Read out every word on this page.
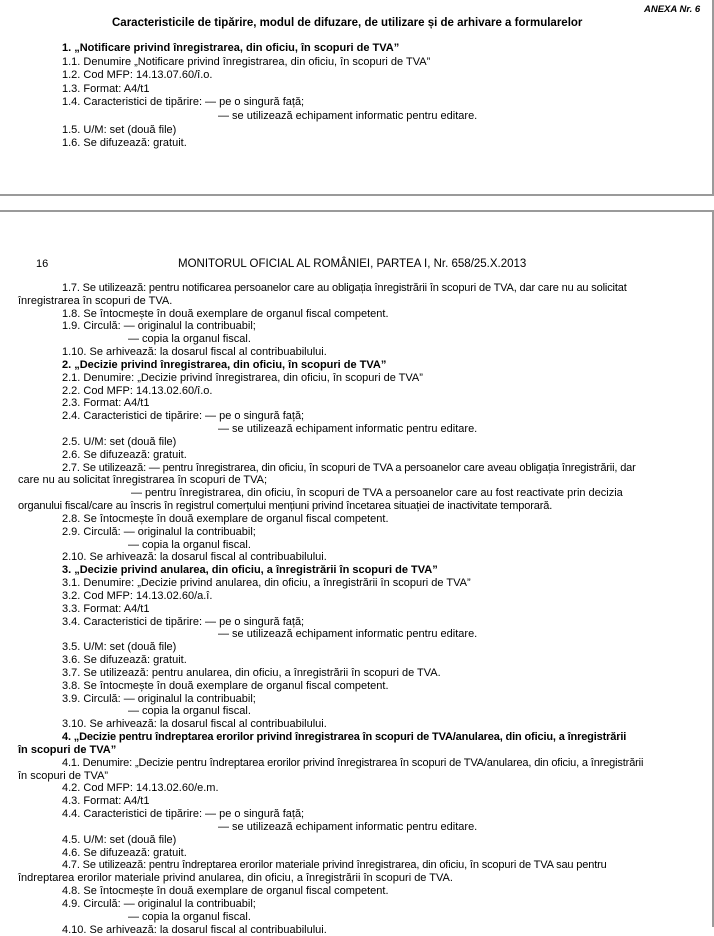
ANEXA Nr. 6
Caracteristicile de tipărire, modul de difuzare, de utilizare și de arhivare a formularelor
1. „Notificare privind înregistrarea, din oficiu, în scopuri de TVA”
1.1. Denumire „Notificare privind înregistrarea, din oficiu, în scopuri de TVA”
1.2. Cod MFP: 14.13.07.60/î.o.
1.3. Format: A4/t1
1.4. Caracteristici de tipărire: — pe o singură față;
— se utilizează echipament informatic pentru editare.
1.5. U/M: set (două file)
1.6. Se difuzează: gratuit.
16	MONITORUL OFICIAL AL ROMÂNIEI, PARTEA I, Nr. 658/25.X.2013
1.7. Se utilizează: pentru notificarea persoanelor care au obligația înregistrării în scopuri de TVA, dar care nu au solicitat
înregistrarea în scopuri de TVA.
1.8. Se întocmește în două exemplare de organul fiscal competent.
1.9. Circulă: — originalul la contribuabil;
— copia la organul fiscal.
1.10. Se arhivează: la dosarul fiscal al contribuabilului.
2. „Decizie privind înregistrarea, din oficiu, în scopuri de TVA”
2.1. Denumire: „Decizie privind înregistrarea, din oficiu, în scopuri de TVA”
2.2. Cod MFP: 14.13.02.60/î.o.
2.3. Format: A4/t1
2.4. Caracteristici de tipărire: — pe o singură față;
— se utilizează echipament informatic pentru editare.
2.5. U/M: set (două file)
2.6. Se difuzează: gratuit.
2.7. Se utilizează: — pentru înregistrarea, din oficiu, în scopuri de TVA a persoanelor care aveau obligația înregistrării, dar
care nu au solicitat înregistrarea în scopuri de TVA;
— pentru înregistrarea, din oficiu, în scopuri de TVA a persoanelor care au fost reactivate prin decizia
organului fiscal/care au înscris în registrul comerțului mențiuni privind încetarea situației de inactivitate temporară.
2.8. Se întocmește în două exemplare de organul fiscal competent.
2.9. Circulă: — originalul la contribuabil;
— copia la organul fiscal.
2.10. Se arhivează: la dosarul fiscal al contribuabilului.
3. „Decizie privind anularea, din oficiu, a înregistrării în scopuri de TVA”
3.1. Denumire: „Decizie privind anularea, din oficiu, a înregistrării în scopuri de TVA”
3.2. Cod MFP: 14.13.02.60/a.î.
3.3. Format: A4/t1
3.4. Caracteristici de tipărire: — pe o singură față;
— se utilizează echipament informatic pentru editare.
3.5. U/M: set (două file)
3.6. Se difuzează: gratuit.
3.7. Se utilizează: pentru anularea, din oficiu, a înregistrării în scopuri de TVA.
3.8. Se întocmește în două exemplare de organul fiscal competent.
3.9. Circulă: — originalul la contribuabil;
— copia la organul fiscal.
3.10. Se arhivează: la dosarul fiscal al contribuabilului.
4. „Decizie pentru îndreptarea erorilor privind înregistrarea în scopuri de TVA/anularea, din oficiu, a înregistrării
în scopuri de TVA”
4.1. Denumire: „Decizie pentru îndreptarea erorilor privind înregistrarea în scopuri de TVA/anularea, din oficiu, a înregistrării
în scopuri de TVA”
4.2. Cod MFP: 14.13.02.60/e.m.
4.3. Format: A4/t1
4.4. Caracteristici de tipărire: — pe o singură față;
— se utilizează echipament informatic pentru editare.
4.5. U/M: set (două file)
4.6. Se difuzează: gratuit.
4.7. Se utilizează: pentru îndreptarea erorilor materiale privind înregistrarea, din oficiu, în scopuri de TVA sau pentru
îndreptarea erorilor materiale privind anularea, din oficiu, a înregistrării în scopuri de TVA.
4.8. Se întocmește în două exemplare de organul fiscal competent.
4.9. Circulă: — originalul la contribuabil;
— copia la organul fiscal.
4.10. Se arhivează: la dosarul fiscal al contribuabilului.
